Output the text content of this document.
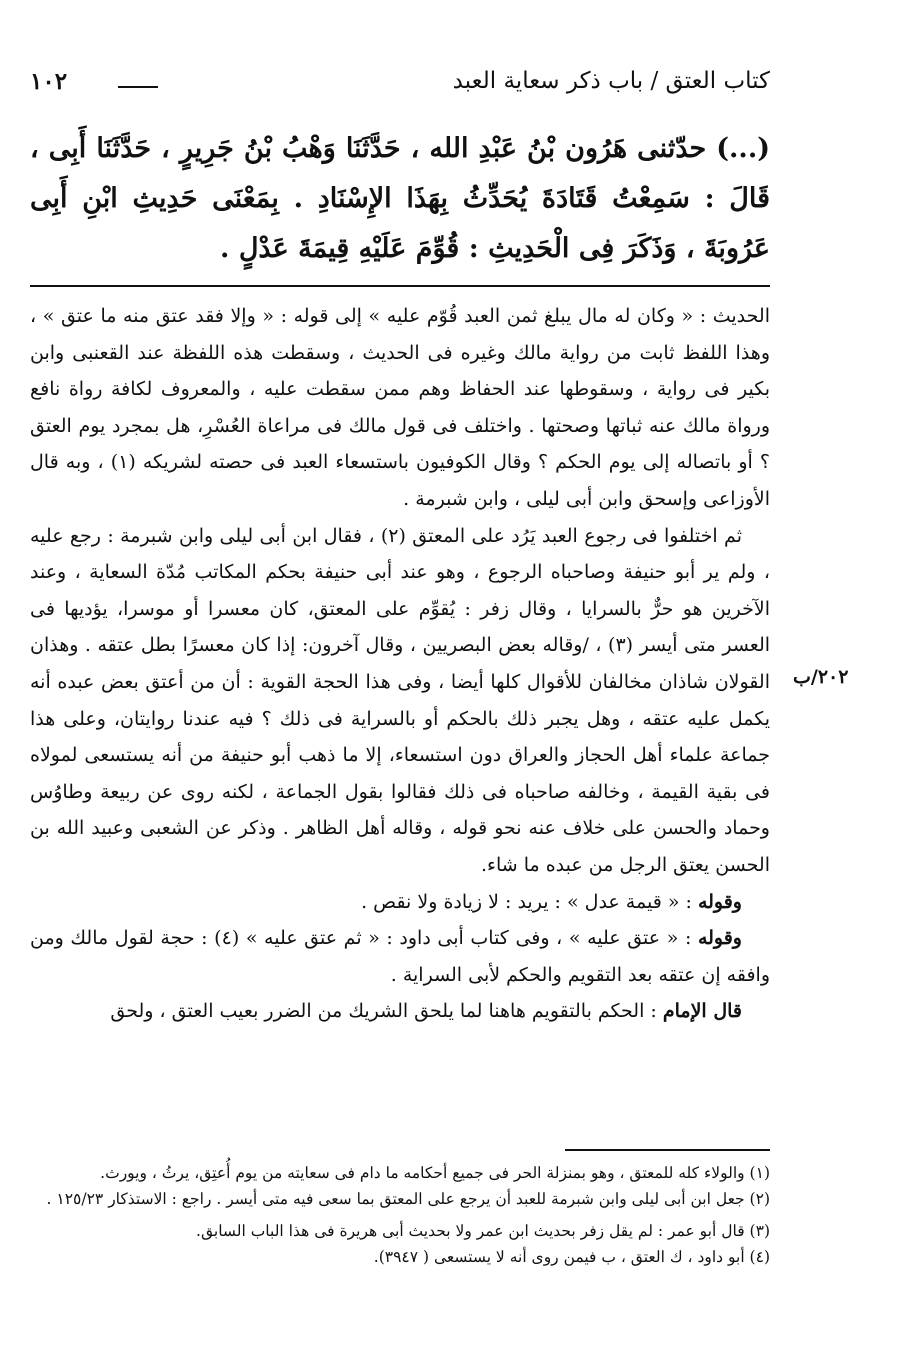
كتاب العتق / باب ذكر سعاية العبد
١٠٢
(...) حدّثنى هَرُون بْنُ عَبْدِ الله ، حَدَّثَنَا وَهْبُ بْنُ جَرِيرٍ ، حَدَّثَنَا أَبِى ، قَالَ : سَمِعْتُ قَتَادَةَ يُحَدِّثُ بِهَذَا الإِسْنَادِ . بِمَعْنَى حَدِيثِ ابْنِ أَبِى عَرُوبَةَ ، وَذَكَرَ فِى الْحَدِيثِ : قُوِّمَ عَلَيْهِ قِيمَةَ عَدْلٍ .

الحديث : « وكان له مال يبلغ ثمن العبد قُوّم عليه » إلى قوله : « وإلا فقد عتق منه ما عتق » ، وهذا اللفظ ثابت من رواية مالك وغيره فى الحديث ، وسقطت هذه اللفظة عند القعنبى وابن بكير فى رواية ، وسقوطها عند الحفاظ وهم ممن سقطت عليه ، والمعروف لكافة رواة نافع ورواة مالك عنه ثباتها وصحتها . واختلف فى قول مالك فى مراعاة العُسْرِ، هل بمجرد يوم العتق ؟ أو باتصاله إلى يوم الحكم ؟ وقال الكوفيون باستسعاء العبد فى حصته لشريكه (١) ، وبه قال الأوزاعى وإسحق وابن أبى ليلى ، وابن شبرمة .

ثم اختلفوا فى رجوع العبد يَرُد على المعتق (٢) ، فقال ابن أبى ليلى وابن شبرمة : رجع عليه ، ولم ير أبو حنيفة وصاحباه الرجوع ، وهو عند أبى حنيفة بحكم المكاتب مُدّة السعاية ، وعند الآخرين هو حرٌّ بالسرايا ، وقال زفر : يُقوِّم على المعتق، كان معسرا أو موسرا، يؤديها فى العسر متى أيسر (٣) ، /وقاله بعض البصريين ، وقال آخرون: إذا كان معسرًا بطل عتقه . وهذان القولان شاذان مخالفان للأقوال كلها أيضا ، وفى هذا الحجة القوية : أن من أعتق بعض عبده أنه يكمل عليه عتقه ، وهل يجبر ذلك بالحكم أو بالسراية فى ذلك ؟ فيه عندنا روايتان، وعلى هذا جماعة علماء أهل الحجاز والعراق دون استسعاء، إلا ما ذهب أبو حنيفة من أنه يستسعى لمولاه فى بقية القيمة ، وخالفه صاحباه فى ذلك فقالوا بقول الجماعة ، لكنه روى عن ربيعة وطاوُس وحماد والحسن على خلاف عنه نحو قوله ، وقاله أهل الظاهر . وذكر عن الشعبى وعبيد الله بن الحسن يعتق الرجل من عبده ما شاء.

وقوله : « قيمة عدل » : يريد : لا زيادة ولا نقص .

وقوله : « عتق عليه » ، وفى كتاب أبى داود : « ثم عتق عليه » (٤) : حجة لقول مالك ومن وافقه إن عتقه بعد التقويم والحكم لأبى السراية .

قال الإمام : الحكم بالتقويم هاهنا لما يلحق الشريك من الضرر بعيب العتق ، ولحق

٢٠٢/ب

(١) والولاء كله للمعتق ، وهو بمنزلة الحر فى جميع أحكامه ما دام فى سعايته من يوم أُعتِق، يرثُ ، ويورث.

(٢) جعل ابن أبى ليلى وابن شبرمة للعبد أن يرجع على المعتق بما سعى فيه متى أيسر . راجع : الاستذكار ١٢٥/٢٣ .

(٣) قال أبو عمر : لم يقل زفر بحديث ابن عمر ولا بحديث أبى هريرة فى هذا الباب السابق.

(٤) أبو داود ، ك العتق ، ب فيمن روى أنه لا يستسعى ( ٣٩٤٧).
